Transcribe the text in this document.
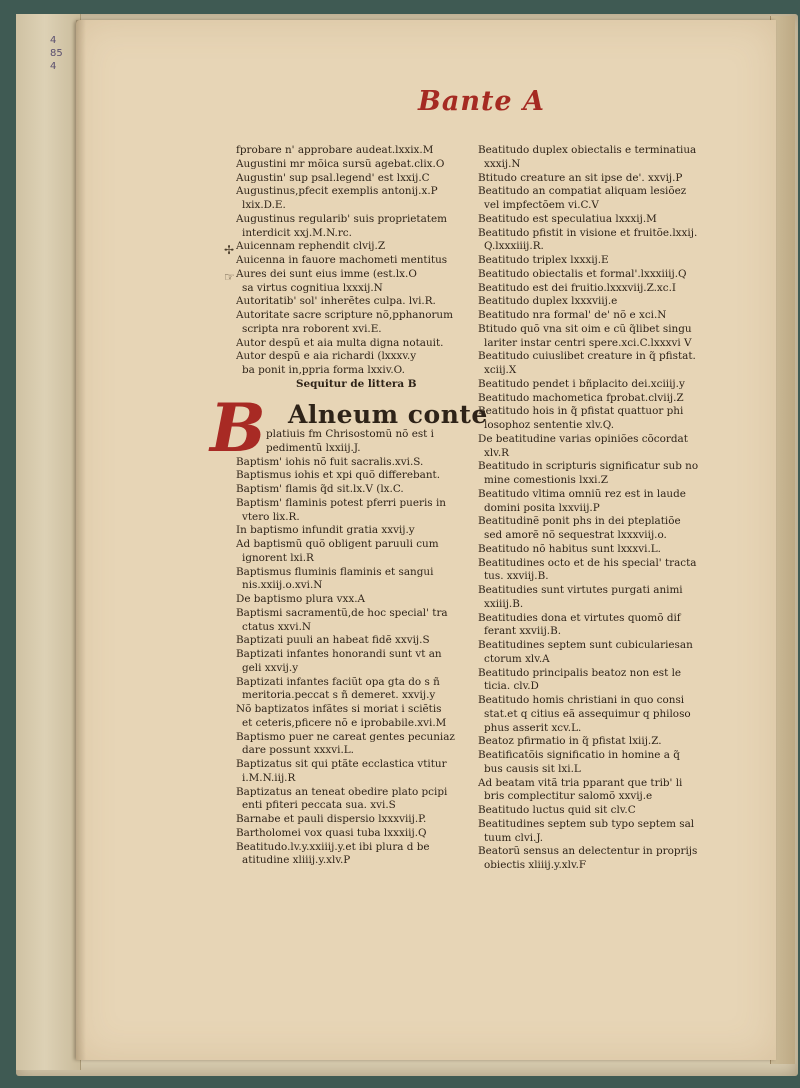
4
85
4
Bante A
✢
☞
fprobare n' approbare audeat.lxxix.M
Augustini mr mõica sursũ agebat.clix.O
Augustin' sup psal.legend' est lxxij.C
Augustinus,pfecit exemplis antonij.x.P
lxix.D.E.
Augustinus regularib' suis proprietatem
interdicit xxj.M.N.rc.
Auicennam rephendit clvij.Z
Auicenna in fauore machometi mentitus
Aures dei sunt eius imme (est.lx.O
sa virtus cognitiua lxxxij.N
Autoritatib' sol' inherẽtes culpa. lvi.R.
Autoritate sacre scripture nõ,pphanorum
scripta nra roborent xvi.E.
Autor despũ et aia multa digna notauit.
Autor despũ e aia richardi (lxxxv.y
ba ponit in,ppria forma lxxiv.O.
Sequitur de littera B
B Alneum conte
platiuis fm Chrisostomũ nõ est i
pedimentũ lxxiij.J.
Baptism' iohis nõ fuit sacralis.xvi.S.
Baptismus iohis et xpi quõ differebant.
Baptism' flamis q̃d sit.lx.V (lx.C.
Baptism' flaminis potest pferri pueris in
vtero lix.R.
In baptismo infundit gratia xxvij.y
Ad baptismũ quõ obligent paruuli cum
ignorent lxi.R
Baptismus fluminis flaminis et sangui
nis.xxiij.o.xvi.N
De baptismo plura vxx.A
Baptismi sacramentũ,de hoc special' tra
ctatus xxvi.N
Baptizati puuli an habeat fidẽ xxvij.S
Baptizati infantes honorandi sunt vt an
geli xxvij.y
Baptizati infantes faciũt opa gta do s ñ
meritoria.peccat s ñ demeret. xxvij.y
Nõ baptizatos infãtes si moriat i sciẽtis
et ceteris,pficere nõ e iprobabile.xvi.M
Baptismo puer ne careat gentes pecuniaz
dare possunt xxxvi.L.
Baptizatus sit qui ptãte ecclastica vtitur
i.M.N.iij.R
Baptizatus an teneat obedire plato pcipi
enti pfiteri peccata sua. xvi.S
Barnabe et pauli dispersio lxxxviij.P.
Bartholomei vox quasi tuba lxxxiij.Q
Beatitudo.lv.y.xxiiij.y.et ibi plura d be
atitudine xliiij.y.xlv.P
Beatitudo duplex obiectalis e terminatiua
xxxij.N
Btitudo creature an sit ipse de'. xxvij.P
Beatitudo an compatiat aliquam lesiõez
vel impfectõem vi.C.V
Beatitudo est speculatiua lxxxij.M
Beatitudo pfistit in visione et fruitõe.lxxij.
Q.lxxxiiij.R.
Beatitudo triplex lxxxij.E
Beatitudo obiectalis et formal'.lxxxiiij.Q
Beatitudo est dei fruitio.lxxxviij.Z.xc.I
Beatitudo duplex lxxxviij.e
Beatitudo nra formal' de' nõ e xci.N
Btitudo quõ vna sit oim e cũ q̃libet singu
lariter instar centri spere.xci.C.lxxxvi V
Beatitudo cuiuslibet creature in q̃ pfistat.
xciij.X
Beatitudo pendet i bñplacito dei.xciiij.y
Beatitudo machometica fprobat.clviij.Z
Beatitudo hois in q̃ pfistat quattuor phi
losophoz sententie xlv.Q.
De beatitudine varias opiniões cõcordat
xlv.R
Beatitudo in scripturis significatur sub no
mine comestionis lxxi.Z
Beatitudo vltima omniũ rez est in laude
domini posita lxxviij.P
Beatitudinẽ ponit phs in dei pteplatiõe
sed amorẽ nõ sequestrat lxxxviij.o.
Beatitudo nõ habitus sunt lxxxvi.L.
Beatitudines octo et de his special' tracta
tus. xxviij.B.
Beatitudies sunt virtutes purgati animi
xxiiij.B.
Beatitudies dona et virtutes quomõ dif
ferant xxviij.B.
Beatitudines septem sunt cubiculariesan
ctorum xlv.A
Beatitudo principalis beatoz non est le
ticia. clv.D
Beatitudo homis christiani in quo consi
stat.et q citius eã assequimur q philoso
phus asserit xcv.L.
Beatoz pfirmatio in q̃ pfistat lxiij.Z.
Beatificatõis significatio in homine a q̃
bus causis sit lxi.L
Ad beatam vitã tria pparant que trib' li
bris complectitur salomõ xxvij.e
Beatitudo luctus quid sit clv.C
Beatitudines septem sub typo septem sal
tuum clvi.J.
Beatorũ sensus an delectentur in proprijs
obiectis xliiij.y.xlv.F
